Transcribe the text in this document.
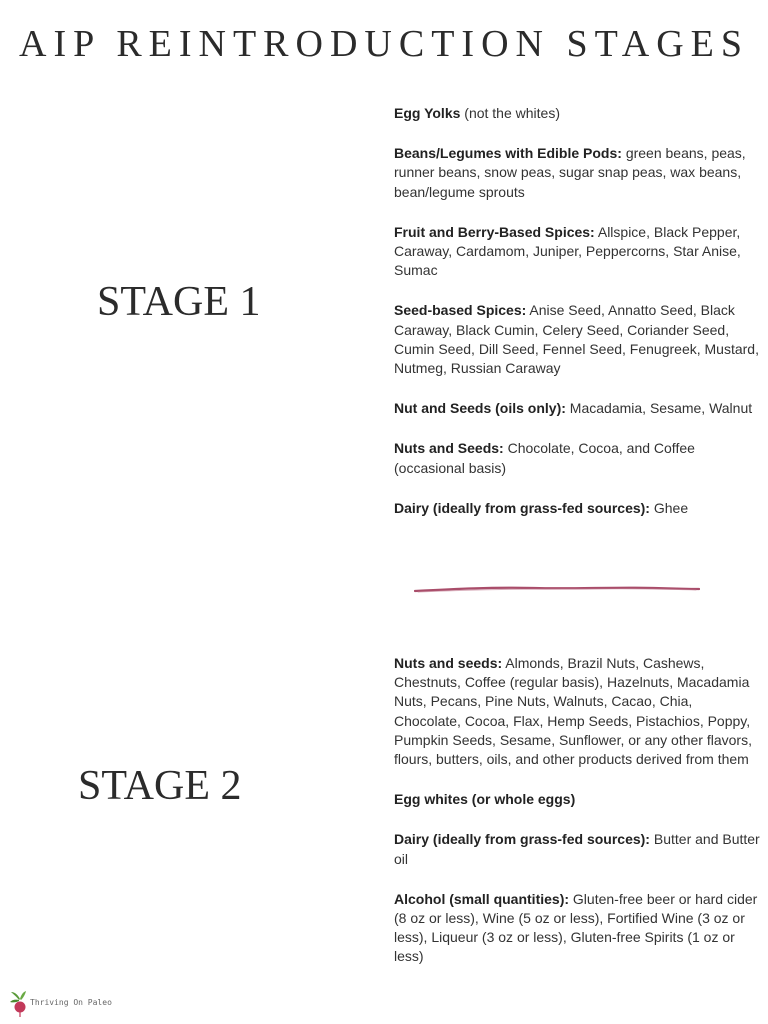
AIP REINTRODUCTION STAGES
STAGE 1

Egg Yolks (not the whites)

Beans/Legumes with Edible Pods: green beans, peas, runner beans, snow peas, sugar snap peas, wax beans, bean/legume sprouts

Fruit and Berry-Based Spices: Allspice, Black Pepper, Caraway, Cardamom, Juniper, Peppercorns, Star Anise, Sumac

Seed-based Spices: Anise Seed, Annatto Seed, Black Caraway, Black Cumin, Celery Seed, Coriander Seed, Cumin Seed, Dill Seed, Fennel Seed, Fenugreek, Mustard, Nutmeg, Russian Caraway

Nut and Seeds (oils only): Macadamia, Sesame, Walnut

Nuts and Seeds: Chocolate, Cocoa, and Coffee (occasional basis)

Dairy (ideally from grass-fed sources): Ghee

STAGE 2

Nuts and seeds: Almonds, Brazil Nuts, Cashews, Chestnuts, Coffee (regular basis), Hazelnuts, Macadamia Nuts, Pecans, Pine Nuts, Walnuts, Cacao, Chia, Chocolate, Cocoa, Flax, Hemp Seeds, Pistachios, Poppy, Pumpkin Seeds, Sesame, Sunflower, or any other flavors, flours, butters, oils, and other products derived from them

Egg whites (or whole eggs)

Dairy (ideally from grass-fed sources): Butter and Butter oil

Alcohol (small quantities): Gluten-free beer or hard cider (8 oz or less), Wine (5 oz or less), Fortified Wine (3 oz or less), Liqueur (3 oz or less), Gluten-free Spirits (1 oz or less)

Thriving On Paleo
